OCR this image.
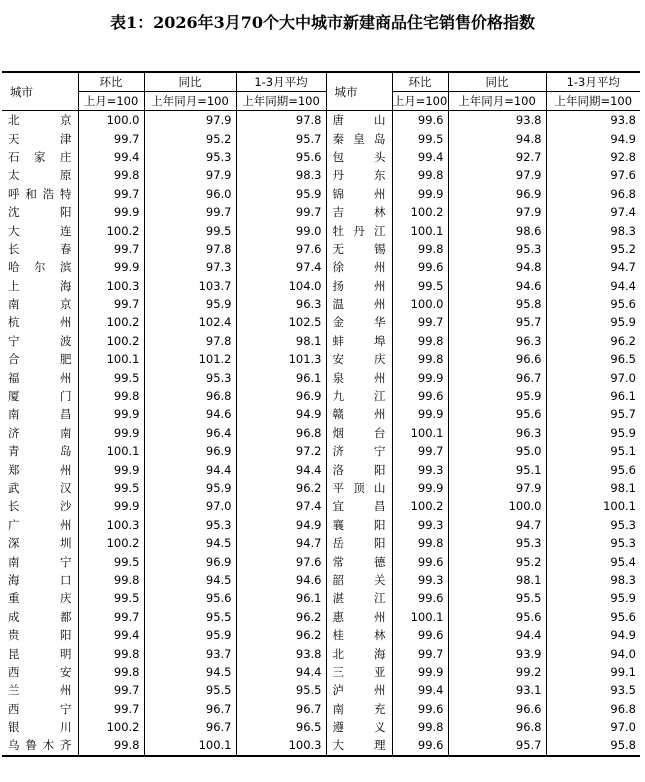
表1：2026年3月70个大中城市新建商品住宅销售价格指数
城市	环比	同比	1-3月平均	城市	环比	同比	1-3月平均
	上月=100	上年同月=100	上年同期=100		上月=100	上年同月=100	上年同期=100
北　京	100.0	97.9	97.8	唐　山	99.6	93.8	93.8
天　津	99.7	95.2	95.7	秦皇岛	99.5	94.8	94.9
石家庄	99.4	95.3	95.6	包　头	99.4	92.7	92.8
太　原	99.8	97.9	98.3	丹　东	99.8	97.9	97.6
呼和浩特	99.7	96.0	95.9	锦　州	99.9	96.9	96.8
沈　阳	99.9	99.7	99.7	吉　林	100.2	97.9	97.4
大　连	100.2	99.5	99.0	牡丹江	100.1	98.6	98.3
长　春	99.7	97.8	97.6	无　锡	99.8	95.3	95.2
哈尔滨	99.9	97.3	97.4	徐　州	99.6	94.8	94.7
上　海	100.3	103.7	104.0	扬　州	99.5	94.6	94.4
南　京	99.7	95.9	96.3	温　州	100.0	95.8	95.6
杭　州	100.2	102.4	102.5	金　华	99.7	95.7	95.9
宁　波	100.2	97.8	98.1	蚌　埠	99.8	96.3	96.2
合　肥	100.1	101.2	101.3	安　庆	99.8	96.6	96.5
福　州	99.5	95.3	96.1	泉　州	99.9	96.7	97.0
厦　门	99.8	96.8	96.9	九　江	99.6	95.9	96.1
南　昌	99.9	94.6	94.9	赣　州	99.9	95.6	95.7
济　南	99.9	96.4	96.8	烟　台	100.1	96.3	95.9
青　岛	100.1	96.9	97.2	济　宁	99.7	95.0	95.1
郑　州	99.9	94.4	94.4	洛　阳	99.3	95.1	95.6
武　汉	99.5	95.9	96.2	平顶山	99.9	97.9	98.1
长　沙	99.9	97.0	97.4	宜　昌	100.2	100.0	100.1
广　州	100.3	95.3	94.9	襄　阳	99.3	94.7	95.3
深　圳	100.2	94.5	94.7	岳　阳	99.8	95.3	95.3
南　宁	99.5	96.9	97.6	常　德	99.6	95.2	95.4
海　口	99.8	94.5	94.6	韶　关	99.3	98.1	98.3
重　庆	99.5	95.6	96.1	湛　江	99.6	95.5	95.9
成　都	99.7	95.5	96.2	惠　州	100.1	95.6	95.6
贵　阳	99.4	95.9	96.2	桂　林	99.6	94.4	94.9
昆　明	99.8	93.7	93.8	北　海	99.7	93.9	94.0
西　安	99.8	94.5	94.4	三　亚	99.9	99.2	99.1
兰　州	99.7	95.5	95.5	泸　州	99.4	93.1	93.5
西　宁	99.7	96.7	96.7	南　充	99.6	96.6	96.8
银　川	100.2	96.7	96.5	遵　义	99.8	96.8	97.0
乌鲁木齐	99.8	100.1	100.3	大　理	99.6	95.7	95.8
